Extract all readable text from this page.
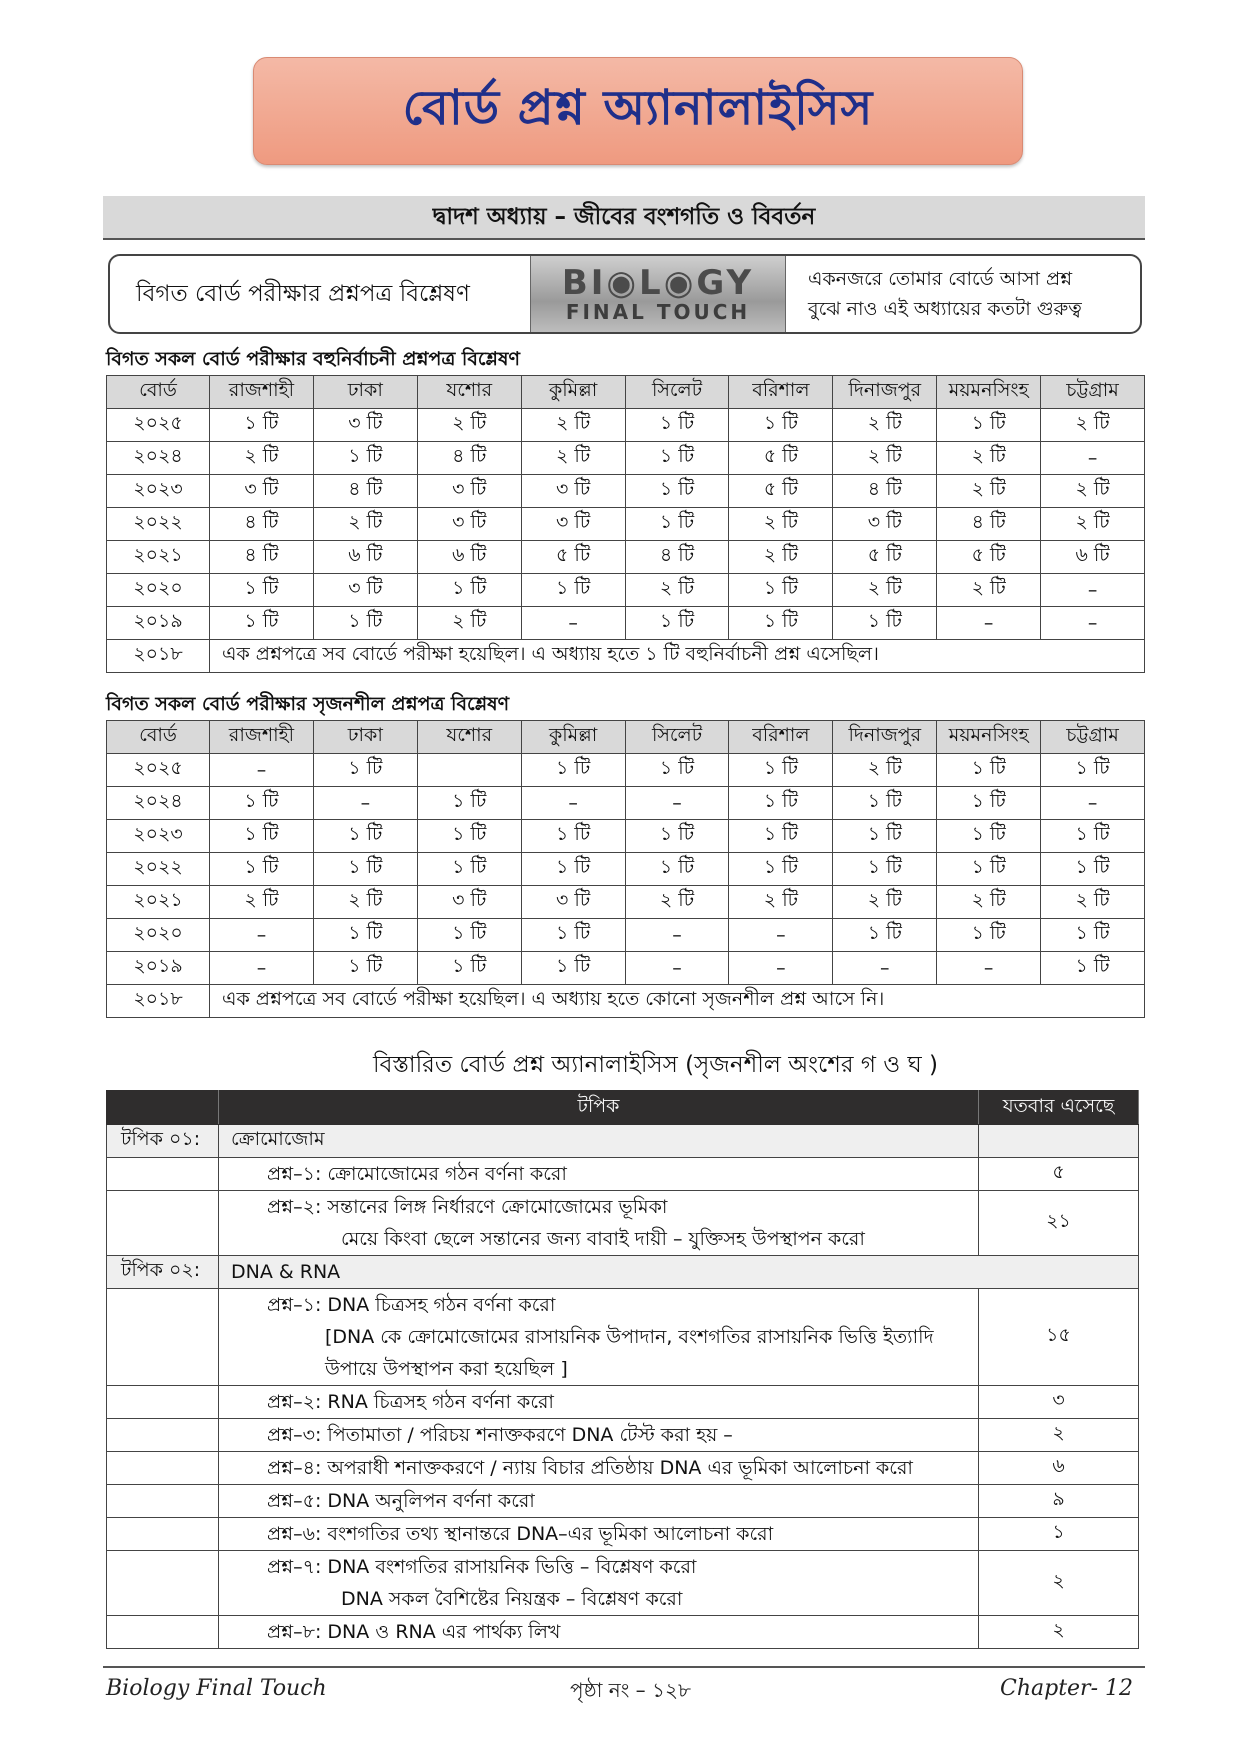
বোর্ড প্রশ্ন অ্যানালাইসিস
দ্বাদশ অধ্যায় – জীবের বংশগতি ও বিবর্তন
বিগত বোর্ড পরীক্ষার প্রশ্নপত্র বিশ্লেষণ	BI◉L◉GY
FINAL TOUCH
একনজরে তোমার বোর্ডে আসা প্রশ্ন
বুঝে নাও এই অধ্যায়ের কতটা গুরুত্ব
বিগত সকল বোর্ড পরীক্ষার বহুনির্বাচনী প্রশ্নপত্র বিশ্লেষণ
বোর্ড	রাজশাহী	ঢাকা	যশোর	কুমিল্লা	সিলেট	বরিশাল	দিনাজপুর	ময়মনসিংহ	চট্টগ্রাম
২০২৫	১ টি	৩ টি	২ টি	২ টি	১ টি	১ টি	২ টি	১ টি	২ টি
২০২৪	২ টি	১ টি	৪ টি	২ টি	১ টি	৫ টি	২ টি	২ টি	–
২০২৩	৩ টি	৪ টি	৩ টি	৩ টি	১ টি	৫ টি	৪ টি	২ টি	২ টি
২০২২	৪ টি	২ টি	৩ টি	৩ টি	১ টি	২ টি	৩ টি	৪ টি	২ টি
২০২১	৪ টি	৬ টি	৬ টি	৫ টি	৪ টি	২ টি	৫ টি	৫ টি	৬ টি
২০২০	১ টি	৩ টি	১ টি	১ টি	২ টি	১ টি	২ টি	২ টি	–
২০১৯	১ টি	১ টি	২ টি	–	১ টি	১ টি	১ টি	–	–
২০১৮	এক প্রশ্নপত্রে সব বোর্ডে পরীক্ষা হয়েছিল। এ অধ্যায় হতে ১ টি বহুনির্বাচনী প্রশ্ন এসেছিল।								
বিগত সকল বোর্ড পরীক্ষার সৃজনশীল প্রশ্নপত্র বিশ্লেষণ
বোর্ড	রাজশাহী	ঢাকা	যশোর	কুমিল্লা	সিলেট	বরিশাল	দিনাজপুর	ময়মনসিংহ	চট্টগ্রাম
২০২৫	–	১ টি		১ টি	১ টি	১ টি	২ টি	১ টি	১ টি
২০২৪	১ টি	–	১ টি	–	–	১ টি	১ টি	১ টি	–
২০২৩	১ টি	১ টি	১ টি	১ টি	১ টি	১ টি	১ টি	১ টি	১ টি
২০২২	১ টি	১ টি	১ টি	১ টি	১ টি	১ টি	১ টি	১ টি	১ টি
২০২১	২ টি	২ টি	৩ টি	৩ টি	২ টি	২ টি	২ টি	২ টি	২ টি
২০২০	–	১ টি	১ টি	১ টি	–	–	১ টি	১ টি	১ টি
২০১৯	–	১ টি	১ টি	১ টি	–	–	–	–	১ টি
২০১৮	এক প্রশ্নপত্রে সব বোর্ডে পরীক্ষা হয়েছিল। এ অধ্যায় হতে কোনো সৃজনশীল প্রশ্ন আসে নি।								
বিস্তারিত বোর্ড প্রশ্ন অ্যানালাইসিস (সৃজনশীল অংশের গ ও ঘ )
	টপিক	যতবার এসেছে
টপিক ০১:	ক্রোমোজোম	

	প্রশ্ন–১: ক্রোমোজোমের গঠন বর্ণনা করো	৫

	প্রশ্ন–২: সন্তানের লিঙ্গ নির্ধারণে ক্রোমোজোমের ভূমিকা
মেয়ে কিংবা ছেলে সন্তানের জন্য বাবাই দায়ী – যুক্তিসহ উপস্থাপন করো	২১
টপিক ০২:	DNA & RNA	

	প্রশ্ন–১: DNA চিত্রসহ গঠন বর্ণনা করো
[DNA কে ক্রোমোজোমের রাসায়নিক উপাদান, বংশগতির রাসায়নিক ভিত্তি ইত্যাদি
উপায়ে উপস্থাপন করা হয়েছিল ]	১৫

	প্রশ্ন–২: RNA চিত্রসহ গঠন বর্ণনা করো	৩

	প্রশ্ন–৩: পিতামাতা / পরিচয় শনাক্তকরণে DNA টেস্ট করা হয় –	২

	প্রশ্ন–৪: অপরাধী শনাক্তকরণে / ন্যায় বিচার প্রতিষ্ঠায় DNA এর ভূমিকা আলোচনা করো	৬

	প্রশ্ন–৫: DNA অনুলিপন বর্ণনা করো	৯

	প্রশ্ন–৬: বংশগতির তথ্য স্থানান্তরে DNA–এর ভূমিকা আলোচনা করো	১

	প্রশ্ন–৭: DNA বংশগতির রাসায়নিক ভিত্তি – বিশ্লেষণ করো
DNA সকল বৈশিষ্টের নিয়ন্ত্রক – বিশ্লেষণ করো	২

	প্রশ্ন–৮: DNA ও RNA এর পার্থক্য লিখ	২
Biology Final Touch	পৃষ্ঠা নং – ১২৮	Chapter- 12
